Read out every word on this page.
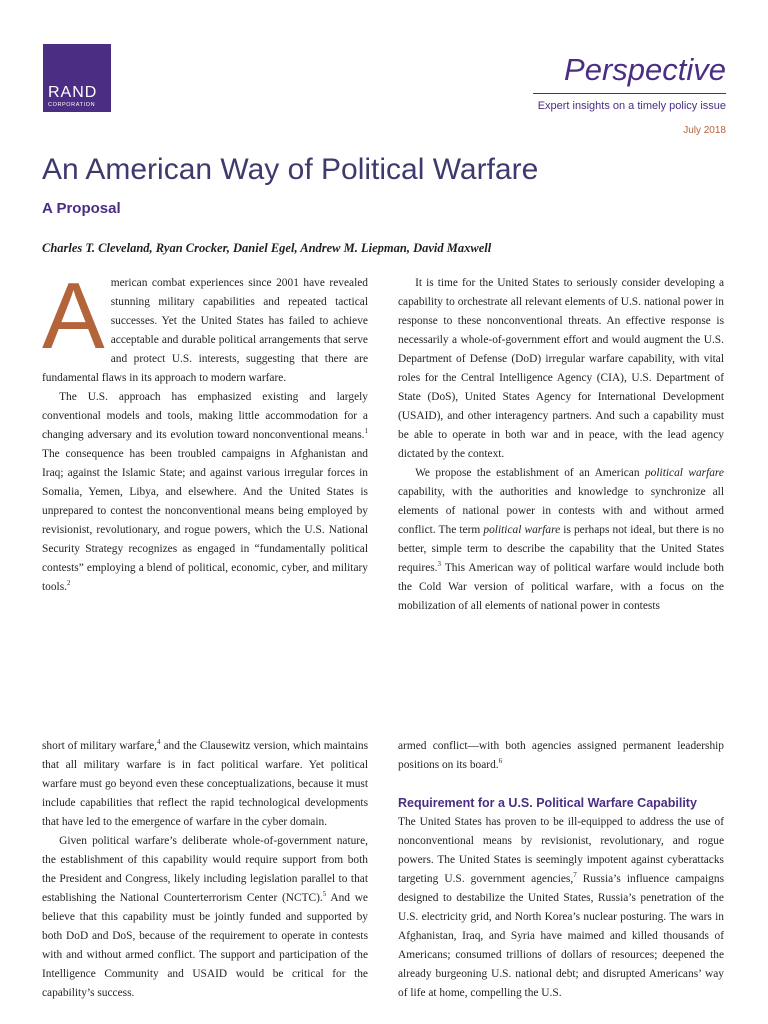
RAND
CORPORATION
Perspective
Expert insights on a timely policy issue
July 2018
An American Way of Political Warfare
A Proposal
Charles T. Cleveland, Ryan Crocker, Daniel Egel, Andrew M. Liepman, David Maxwell

American combat experiences since 2001 have revealed stunning military capabilities and repeated tactical successes. Yet the United States has failed to achieve acceptable and durable political arrangements that serve and protect U.S. interests, suggesting that there are fundamental flaws in its approach to modern warfare.

The U.S. approach has emphasized existing and largely conventional models and tools, making little accommodation for a changing adversary and its evolution toward nonconventional means.$^1$ The consequence has been troubled campaigns in Afghanistan and Iraq; against the Islamic State; and against various irregular forces in Somalia, Yemen, Libya, and elsewhere. And the United States is unprepared to contest the nonconventional means being employed by revisionist, revolutionary, and rogue powers, which the U.S. National Security Strategy recognizes as engaged in “fundamentally political contests” employing a blend of political, economic, cyber, and military tools.$^2$

It is time for the United States to seriously consider developing a capability to orchestrate all relevant elements of U.S. national power in response to these nonconventional threats. An effective response is necessarily a whole-of-government effort and would augment the U.S. Department of Defense (DoD) irregular warfare capability, with vital roles for the Central Intelligence Agency (CIA), U.S. Department of State (DoS), United States Agency for International Development (USAID), and other interagency partners. And such a capability must be able to operate in both war and in peace, with the lead agency dictated by the context.

We propose the establishment of an American political warfare capability, with the authorities and knowledge to synchronize all elements of national power in contests with and without armed conflict. The term political warfare is perhaps not ideal, but there is no better, simple term to describe the capability that the United States requires.$^3$ This American way of political warfare would include both the Cold War version of political warfare, with a focus on the mobilization of all elements of national power in contests

short of military warfare,$^4$ and the Clausewitz version, which maintains that all military warfare is in fact political warfare. Yet political warfare must go beyond even these conceptualizations, because it must include capabilities that reflect the rapid technological developments that have led to the emergence of warfare in the cyber domain.

Given political warfare’s deliberate whole-of-government nature, the establishment of this capability would require support from both the President and Congress, likely including legislation parallel to that establishing the National Counterterrorism Center (NCTC).$^5$ And we believe that this capability must be jointly funded and supported by both DoD and DoS, because of the requirement to operate in contests with and without armed conflict. The support and participation of the Intelligence Community and USAID would be critical for the capability’s success.

armed conflict—with both agencies assigned permanent leadership positions on its board.$^6$

Requirement for a U.S. Political Warfare Capability

The United States has proven to be ill-equipped to address the use of nonconventional means by revisionist, revolutionary, and rogue powers. The United States is seemingly impotent against cyberattacks targeting U.S. government agencies,$^7$ Russia’s influence campaigns designed to destabilize the United States, Russia’s penetration of the U.S. electricity grid, and North Korea’s nuclear posturing. The wars in Afghanistan, Iraq, and Syria have maimed and killed thousands of Americans; consumed trillions of dollars of resources; deepened the already burgeoning U.S. national debt; and disrupted Americans’ way of life at home, compelling the U.S.
